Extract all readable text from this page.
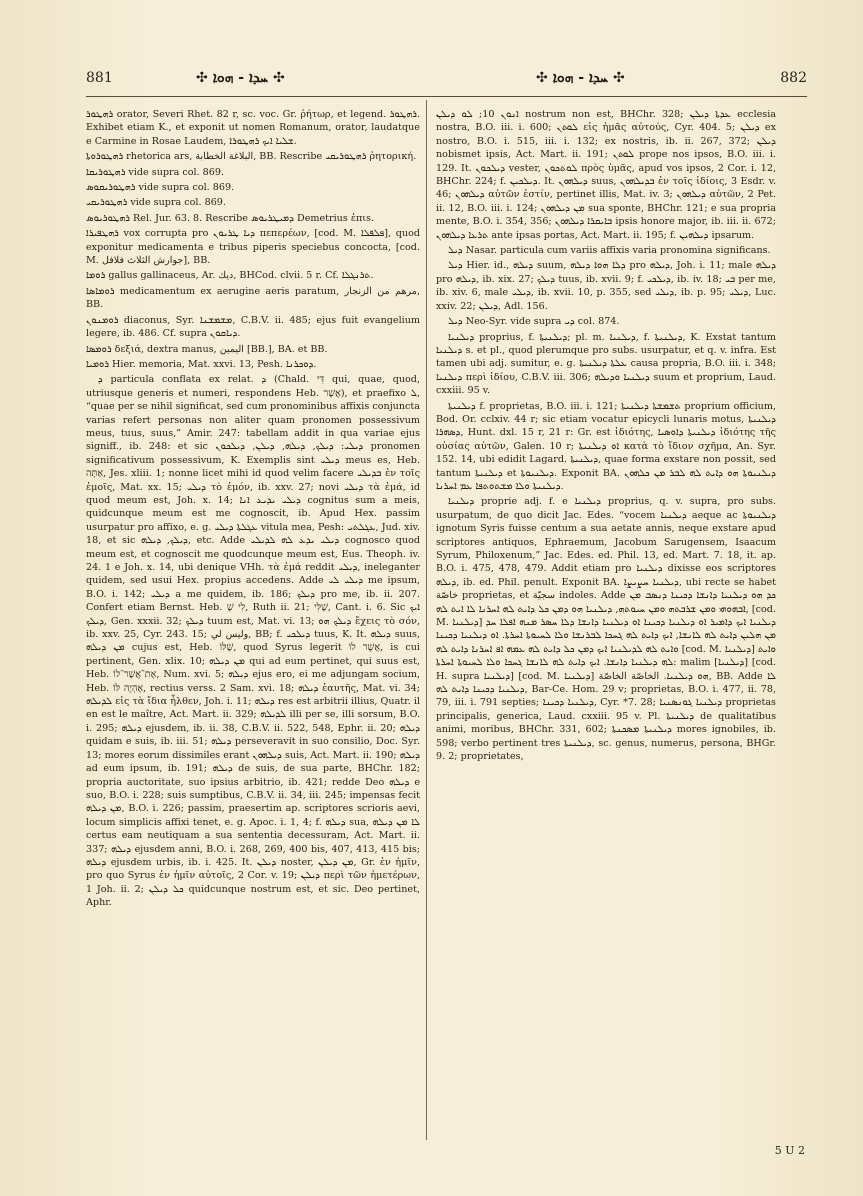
881	✣ ܚܕܐ - ܗܘܐ ✣	✣ ܚܕܐ - ܗܘܐ ✣	882

ܪܗܛܘܪ orator, Severi Rhet. 82 r, sc. voc. Gr. ῥήτωρ, et legend. ܪܗܛܘܪ. Exhibet etiam K., et exponit ut nomen Romanum, orator, laudatque e Carmine in Rosae Laudem, ܫܠܝܐ ܐܝܟ ܪܗܛܘܪܐ.

ܪܗܛܘܪܘܬܐ rhetorica ars, البلاغة الخطابة, BB. Rescribe ܪܗܛܘܪܝܩܝ ῥητορική.

ܪܗܛܘܪܝܩܐ vide supra col. 869.

ܪܗܛܘܪܝܩܘܣ vide supra col. 869.

ܪܗܛܘܪܝܩܝ vide supra col. 869.

ܪܗܛܘܪܝܘܣ Rel. Jur. 63. 8. Rescribe ܕܡܝܛܪܝܘܣ Demetrius ἐπιs.

ܪܗܛܦܝܪܐ vox corrupta pro ܕܝܐ ܛܪܝܘܢ πεπερέων, [cod. M. ܦܠܦܠܐ], quod exponitur medicamenta e tribus piperis speciebus concocta, [cod. M. جوارش الثلاث فلافل], BB.

ܪܘܡܐ gallus gallinaceus, Ar. ديك, BHCod. clvii. 5 r. Cf. ܬܪܢܓܠܐ.

ܪܘܡܐܣܐ medicamentum ex aerugine aeris paratum, مرهم من الزنجار, BB.

ܪܘܡܢܘܢ diaconus, Syr. ܡܫܡܫܢܐ, C.B.V. ii. 485; ejus fuit evangelium legere, ib. 486. Cf. supra ܕܝܐܩܘܢ.

ܪܘܡܣܐ δεξιά, dextra manus, اليمين [BB.], BA. et BB.

ܪܘܡܝܐ Hier. memoria, Mat. xxvi. 13, Pesh. ܕܘܟܪܢܐ.

ܕ particula conflata ex relat. ܕ (Chald. דִּי qui, quae, quod, utriusque generis et numeri, respondens Heb. אֲשֶׁר), et praefixo ܠ, “quae per se nihil significat, sed cum pronominibus affixis conjuncta varias refert personas non aliter quam pronomen possessivum meus, tuus, suus,” Amir. 247: tabellam addit in qua variae ejus signiff., ib. 248: et sic ܕܝܠܝ: ܕܝܠܟ, ܕܝܠܗ, ܕܝܠܢ, ܕܝܠܟܘܢ pronomen significativum possessivum, K. Exemplis sint ܕܝܠܝ meus es, Heb. אַתָּה, Jes. xliii. 1; nonne licet mihi id quod velim facere ܒܕܝܠܝ ἐν τοῖς ἐμοῖς, Mat. xx. 15; ܕܝܠܝ τὸ ἐμόν, ib. xxv. 27; novi ܕܝܠܝ τὰ ἐμά, id quod meum est, Joh. x. 14; ܕܝܠܝ ܝܕܝܥ ܐܢܐ cognitus sum a meis, quidcunque meum est me cognoscit, ib. Apud Hex. passim usurpatur pro affixo, e. g. ܥܓܠܬܐ ܕܝܠܝ vitula mea, Pesh: ܥܓܠܬܝ, Jud. xiv. 18, et sic ܕܝܠܟ, ܕܝܠܗ, etc. Adde ܕܝܠܝ ܝܕܥ ܠܗ ܠܕܝܠܝ cognosco quod meum est, et cognoscit me quodcunque meum est, Eus. Theoph. iv. 24. 1 e Joh. x. 14, ubi denique VHh. τὰ ἐμά reddit ܕܝܠܝ, ineleganter quidem, sed usui Hex. propius accedens. Adde ܕܝܠܝ ܠܝ me ipsum, B.O. i. 142; ܕܝܠܝ a me quidem, ib. 186; ܕܝܠܟ pro me, ib. ii. 207. Confert etiam Bernst. Heb. לִי שֶׁ, Ruth ii. 21; שֶׁלִּי, Cant. i. 6. Sic ܐܝܟ ܕܝܠܟ, Gen. xxxii. 32; ܕܝܠܟ tuum est, Mat. vi. 13; ܕܝܠܟ ܗܘ ἔχεις τὸ σόν, ib. xxv. 25, Cyr. 243. 15; وليس لي, BB; f. ܕܝܠܟܝ tuus, K. It. ܕܝܠܗ suus, ܡܢ ܕܝܠܗ cujus est, Heb. שֶׁלּוֹ, quod Syrus legerit אֲשֶׁר לוֹ, is cui pertinent, Gen. xlix. 10; ܡܢ ܕܝܠܗ qui ad eum pertinet, qui suus est, Heb. אֶת־אֲשֶׁר־לוֹ, Num. xvi. 5; ܕܝܠܗ ejus ero, ei me adjungam socium, Heb. אֶהְיֶה לּוֹ, rectius verss. 2 Sam. xvi. 18; ܕܝܠܗ ἑαυτῆς, Mat. vi. 34; ܠܕܝܠܗ εἰς τὰ ἴδια ἦλθεν, Joh. i. 11; ܕܝܠܗ res est arbitrii illius, Quatr. il en est le maître, Act. Mart. ii. 329; ܠܕܝܠܗ illi per se, illi sorsum, B.O. i. 295; ܕܝܠܗ ejusdem, ib. ii. 38, C.B.V. ii. 522, 548, Ephr. ii. 20; ܕܝܠܗ quidam e suis, ib. iii. 51; ܕܝܠܗ perseveravit in suo consilio, Doc. Syr. 13; mores eorum dissimiles erant ܕܝܠܗܘܢ suis, Act. Mart. ii. 190; ܕܝܠܗ ad eum ipsum, ib. 191; ܕܝܠܗ de suis, de sua parte, BHChr. 182; propria auctoritate, suo ipsius arbitrio, ib. 421; redde Deo ܕܝܠܗ e suo, B.O. i. 228; suis sumptibus, C.B.V. ii. 34, iii. 245; impensas fecit ܡܢ ܕܝܠܗ, B.O. i. 226; passim, praesertim ap. scriptores scrioris aevi, locum simplicis affixi tenet, e. g. Apoc. i. 1, 4; f. ܕܝܠܗ sua, ܠܐ ܡܢ ܕܝܠܗ certus eam neutiquam a sua sententia decessuram, Act. Mart. ii. 337; ܕܝܠܗ ejusdem anni, B.O. i. 268, 269, 400 bis, 407, 413, 415 bis; ܕܝܠܗ ejusdem urbis, ib. i. 425. It. ܕܝܠܢ noster, ܡܢ ܕܝܠܢ, Gr. ἐν ἡμῖν, pro quo Syrus ἐν ἡμῖν αὐτοῖς, 2 Cor. v. 19; ܕܝܠܢ περὶ τῶν ἡμετέρων, 1 Joh. ii. 2; ܟܠ ܕܝܠܢ quidcunque nostrum est, et sic. Deo pertinet, Aphr.

ܐܢܘܢ 10; ܠܘ ܕܝܠܢ nostrum non est, BHChr. 328; ܥܕܬܐ ܕܝܠܢ ecclesia nostra, B.O. iii. i. 600; ܠܘܬܢ εἰς ἡμᾶς αὐτούς, Cyr. 404. 5; ܕܝܠܢ ex nostro, B.O. i. 515, iii. i. 132; ex nostris, ib. ii. 267, 372; ܕܝܠܢ nobismet ipsis, Act. Mart. ii. 191; ܠܘܬܢ prope nos ipsos, B.O. iii. i. 129. It. ܕܝܠܟܘܢ vester, ܠܘܬܟܘܢ πρὸς ὑμᾶς, apud vos ipsos, 2 Cor. i. 12, BHChr. 224; f. ܕܝܠܟܝܢ. It. ܕܝܠܗܘܢ suus, ܒܕܝܠܗܘܢ ἐν τοῖς ἰδίοις, 3 Esdr. v. 46; ܕܝܠܗܘܢ αὐτῶν ἐστίν, pertinet illis, Mat. iv. 3; ܕܝܠܗܘܢ αὐτῶν, 2 Pet. ii. 12, B.O. iii. i. 124; ܡܢ ܕܝܠܗܘܢ sua sponte, BHChr. 121; e sua propria mente, B.O. i. 354, 356; ܒܐܝܩܪܐ ܕܝܠܗܘܢ ipsis honore major, ib. iii. ii. 672; ܬܪܥܐ ܕܝܠܗܘܢ ante ipsas portas, Act. Mart. ii. 195; f. ܕܝܠܗܝܢ ipsarum.

ܕܝܠ Nasar. particula cum variis affixis varia pronomina significans.

ܕܝܠ Hier. id., ܕܝܠܗ suum, ܕܠܐ ܗܘܐ ܕܝܠܗ pro ܕܝܠܗ, Joh. i. 11; male ܕܝܠܗ pro ܕܝܠܗ, ib. xix. 27; ܕܝܠܟ tuus, ib. xvii. 9; f. ܕܝܠܟܝ, ib. iv. 18; ܒܝ per me, ib. xiv. 6, male ܕܝܠܝ, ib. xvii. 10, p. 355, sed ܕܝܠܝ, ib. p. 95; ܕܝܠܝ, Luc. xxiv. 22; ܕܝܠܢ, Adl. 156.

ܕܝܠ Neo-Syr. vide supra ܕܝ col. 874.

ܕܝܠܢܝܐ proprius, f. ܕܝܠܢܝܬܐ; pl. m. ܕܝܠܢܝܐ, f. ܕܝܠܢܝܬܐ, K. Exstat tantum ܕܝܠܢܝܐ s. et pl., quod plerumque pro subs. usurpatur, et q. v. infra. Est tamen ubi adj. sumitur, e. g. ܥܠܬܐ ܕܝܠܢܝܬܐ causa propria, B.O. iii. i. 348; ܕܝܠܢܝܐ περὶ ἰδίου, C.B.V. iii. 306; ܕܝܠܢܝܐ ܘܕܝܠܗ suum et proprium, Laud. cxxiii. 95 v.

ܕܝܠܢܝܬܐ f. proprietas, B.O. iii. i. 121; ܬܫܡܫܬܐ ܕܝܠܢܝܬܐ proprium officium, Bod. Or. cclxiv. 44 r; sic etiam vocatur epicycli lunaris motus, ܕܝܠܢܝܬܐ ܕܣܗܪܐ, Hunt. dxl. 15 r, 21 r: Gr. est ἰδιότης, ܕܝܠܢܝܬܐ ܕܐܘܣܝܐ ἰδιότης τῆς οὐσίας αὐτῶν, Galen. 10 r; ܐܘ ܕܝܠܢܝܬܐ κατὰ τὸ ἴδιον σχῆμα, An. Syr. 152. 14, ubi edidit Lagard. ܕܝܠܢܝܬܐ, quae forma exstare non possit, sed tantum ܕܝܠܢܝܬܐ et ܕܝܠܢܝܘܬܐ. Exponit BA. ܕܝܠܢܝܘܬܐ ܗܘ ܕܐܝܬ ܠܗ ܠܒܪ ܡܢ ܟܠܗܘܢ ܕܝܠܢܝܬܐ ܘܠܐ ܡܫܬܘܬܦܐ ܥܡ ܐܚܪܢܐ.

ܕܝܠܢܝܐ proprie adj. f. e ܕܝܠܢܝܐ proprius, q. v. supra, pro subs. usurpatum, de quo dicit Jac. Edes. “vocem ܕܝܠܢܝܐ aeque ac ܕܝܠܢܝܘܬܐ ignotum Syris fuisse centum a sua aetate annis, neque exstare apud scriptores antiquos, Ephraemum, Jacobum Sarugensem, Isaacum Syrum, Philoxenum,” Jac. Edes. ed. Phil. 13, ed. Mart. 7. 18, it. ap. B.O. i. 475, 478, 479. Addit etiam pro ܕܝܠܢܝܐ dixisse eos scriptores ܕܝܠܗ, ib. ed. Phil. penult. Exponit BA. ܕܝܠܢܝܐ ܚܨܝܨܐ, ubi recte se habet خاصّة proprietas, et سجيّة indoles. Adde ܟܕ ܗܘ ܕܝܠܢܝܐ ܕܐܢܫܐ ܕܟܝܢܐ ܕܢܣܒ ܡܢ ܐܒܗܘܗܝ ܘܡܢ ܫܪܒܬܗ ܘܡܢ ܚܝܘܬܗ, ܕܝܠܢܝܐ ܗܘ ܕܡܢ ܟܠ ܕܐܝܬ ܠܗ ܐܚܪܢܐ ܠܐ ܐܝܬ ܠܗ, [cod. M. ܕܝܠܢܝܐ] ܕܝܠܢܝܐ ܐܝܟ ܕܐܡܝܪ ܐܘ ܕܝܠܢܝܐ ܕܟܝܢܐ ܐܘ ܕܝܠܢܝܐ ܕܐܢܫܐ ܕܠܐ ܚܣܪ ܡܢܗ ܐܦܠܐ ܚܕ ܡܢ ܗܠܝܢ ܕܐܝܬ ܠܗ ܠܐܢܫܐ, ܐܝܟ ܕܐܝܬ ܠܗ ܓܚܟܐ ܠܒܪܢܫܐ ܘܠܐ ܠܚܝܘܬܐ ܐܚܪܬܐ. ܐܘ ܕܝܠܢܝܐ ܕܟܝܢܐ ܘܐܝܬ ܠܗ ܠܕܝܠܢܝܐ ܐܝܟ ܕܡܢ ܟܠ ܕܐܝܬ ܠܗ ܥܡܗ ܐܦ ܐܚܪܢܐ ܕܐܝܬ ܠܗ [cod. M. ܕܝܠܢܝܐ] ܘܐܝܬ ܠܗ ܕܝܠܢܝܐ ܕܐܢܫܐ. ܐܝܟ ܕܐܝܬ ܠܗ ܠܐܢܫܐ ܓܚܟܐ ܘܠܐ ܠܚܝܘܬܐ ܐܚܪܬܐ: malim [ܕܝܠܢܝܐ] [cod. H. supra ܕܝܠܢܝܐ] [cod. M. ܕܝܠܢܝܐ] ܗܘ ܕܝܠܢܝܐ. الخاصّة الخاصّة, BB. Adde ܠܐ ܕܝܠܢܝܐ ܕܟܝܢܐ ܕܐܝܬ ܠܗ, Bar-Ce. Hom. 29 v; proprietas, B.O. i. 477, ii. 78, 79, iii. i. 791 septies; ܕܝܠܢܝܐ ܕܟܝܢܐ, Cyr. *7. 28; ܕܝܠܢܝܐ ܓܘܢܣܢܝܐ proprietas principalis, generica, Laud. cxxiii. 95 v. Pl. ܕܝܠܢܝܬܐ de qualitatibus animi, moribus, BHChr. 331, 602; ܕܝܠܢܝܬܐ ܡܣܟܢܬܐ mores ignobiles, ib. 598; verbo pertinent tres ܕܝܠܢܝܬܐ, sc. genus, numerus, persona, BHGr. 9. 2; proprietates,

5 U 2
